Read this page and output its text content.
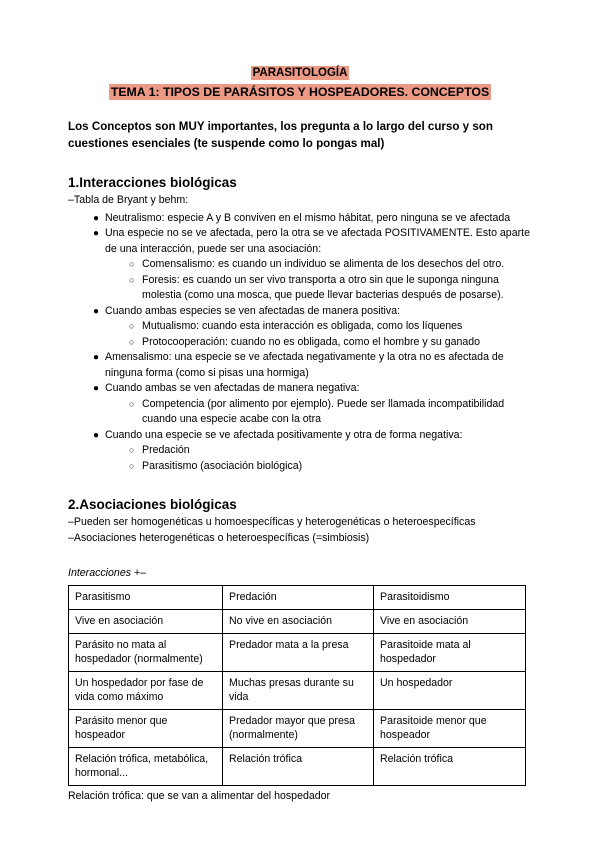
PARASITOLOGÍA
TEMA 1: TIPOS DE PARÁSITOS Y HOSPEADORES. CONCEPTOS

Los Conceptos son MUY importantes, los pregunta a lo largo del curso y son cuestiones esenciales (te suspende como lo pongas mal)

1.Interacciones biológicas

–Tabla de Bryant y behm:

● Neutralismo: especie A y B conviven en el mismo hábitat, pero ninguna se ve afectada
● Una especie no se ve afectada, pero la otra se ve afectada POSITIVAMENTE. Esto aparte de una interacción, puede ser una asociación:
○ Comensalismo: es cuando un individuo se alimenta de los desechos del otro.
○ Foresis: es cuando un ser vivo transporta a otro sin que le suponga ninguna molestia (como una mosca, que puede llevar bacterias después de posarse).
● Cuando ambas especies se ven afectadas de manera positiva:
○ Mutualismo: cuando esta interacción es obligada, como los líquenes
○ Protocooperación: cuando no es obligada, como el hombre y su ganado
● Amensalismo: una especie se ve afectada negativamente y la otra no es afectada de ninguna forma (como si pisas una hormiga)
● Cuando ambas se ven afectadas de manera negativa:
○ Competencia (por alimento por ejemplo). Puede ser llamada incompatibilidad cuando una especie acabe con la otra
● Cuando una especie se ve afectada positivamente y otra de forma negativa:
○ Predación
○ Parasitismo (asociación biológica)
2.Asociaciones biológicas

–Pueden ser homogenéticas u homoespecíficas y heterogenéticas o heteroespecíficas

–Asociaciones heterogenéticas o heteroespecíficas (=simbiosis)

Interacciones +–

Parasitismo	Predación	Parasitoidismo
Vive en asociación	No vive en asociación	Vive en asociación
Parásito no mata al hospedador (normalmente)	Predador mata a la presa	Parasitoide mata al hospedador
Un hospedador por fase de vida como máximo	Muchas presas durante su vida	Un hospedador
Parásito menor que hospeador	Predador mayor que presa (normalmente)	Parasitoide menor que hospeador
Relación trófica, metabólica, hormonal...	Relación trófica	Relación trófica

Relación trófica: que se van a alimentar del hospedador
